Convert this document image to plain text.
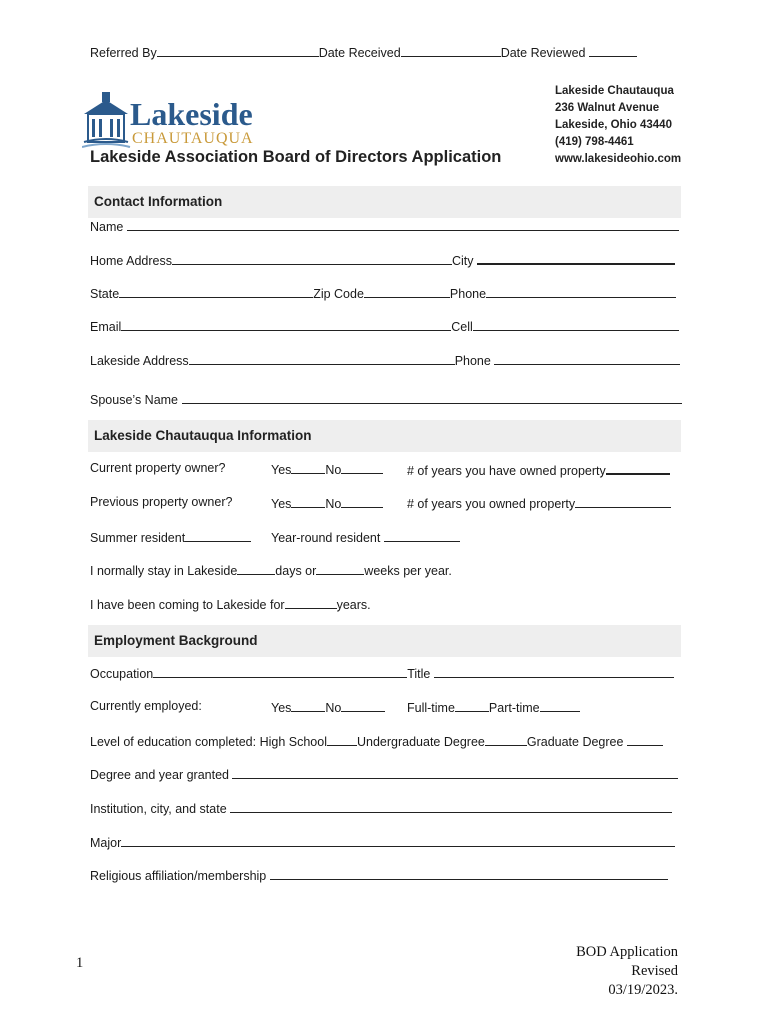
Referred By	Date Received	Date Reviewed
Lakeside
CHAUTAUQUA
Lakeside Association Board of Directors Application
Lakeside Chautauqua
236 Walnut Avenue
Lakeside, Ohio 43440
(419) 798-4461
www.lakesideohio.com
Contact Information
Name
Home Address	City
State	Zip Code	Phone
Email	Cell
Lakeside Address	Phone
Spouse’s Name
Lakeside Chautauqua Information
Current property owner?	Yes	No	# of years you have owned property
Previous property owner?	Yes	No	# of years you owned property
Summer resident	Year-round resident
I normally stay in Lakeside	days or	weeks per year.
I have been coming to Lakeside for	years.
Employment Background
Occupation	Title
Currently employed:	Yes	No	Full-time	Part-time
Level of education completed: High School Undergraduate Degree	Graduate Degree
Degree and year granted
Institution, city, and state
Major
Religious affiliation/membership
1
BOD Application
Revised
03/19/2023.
